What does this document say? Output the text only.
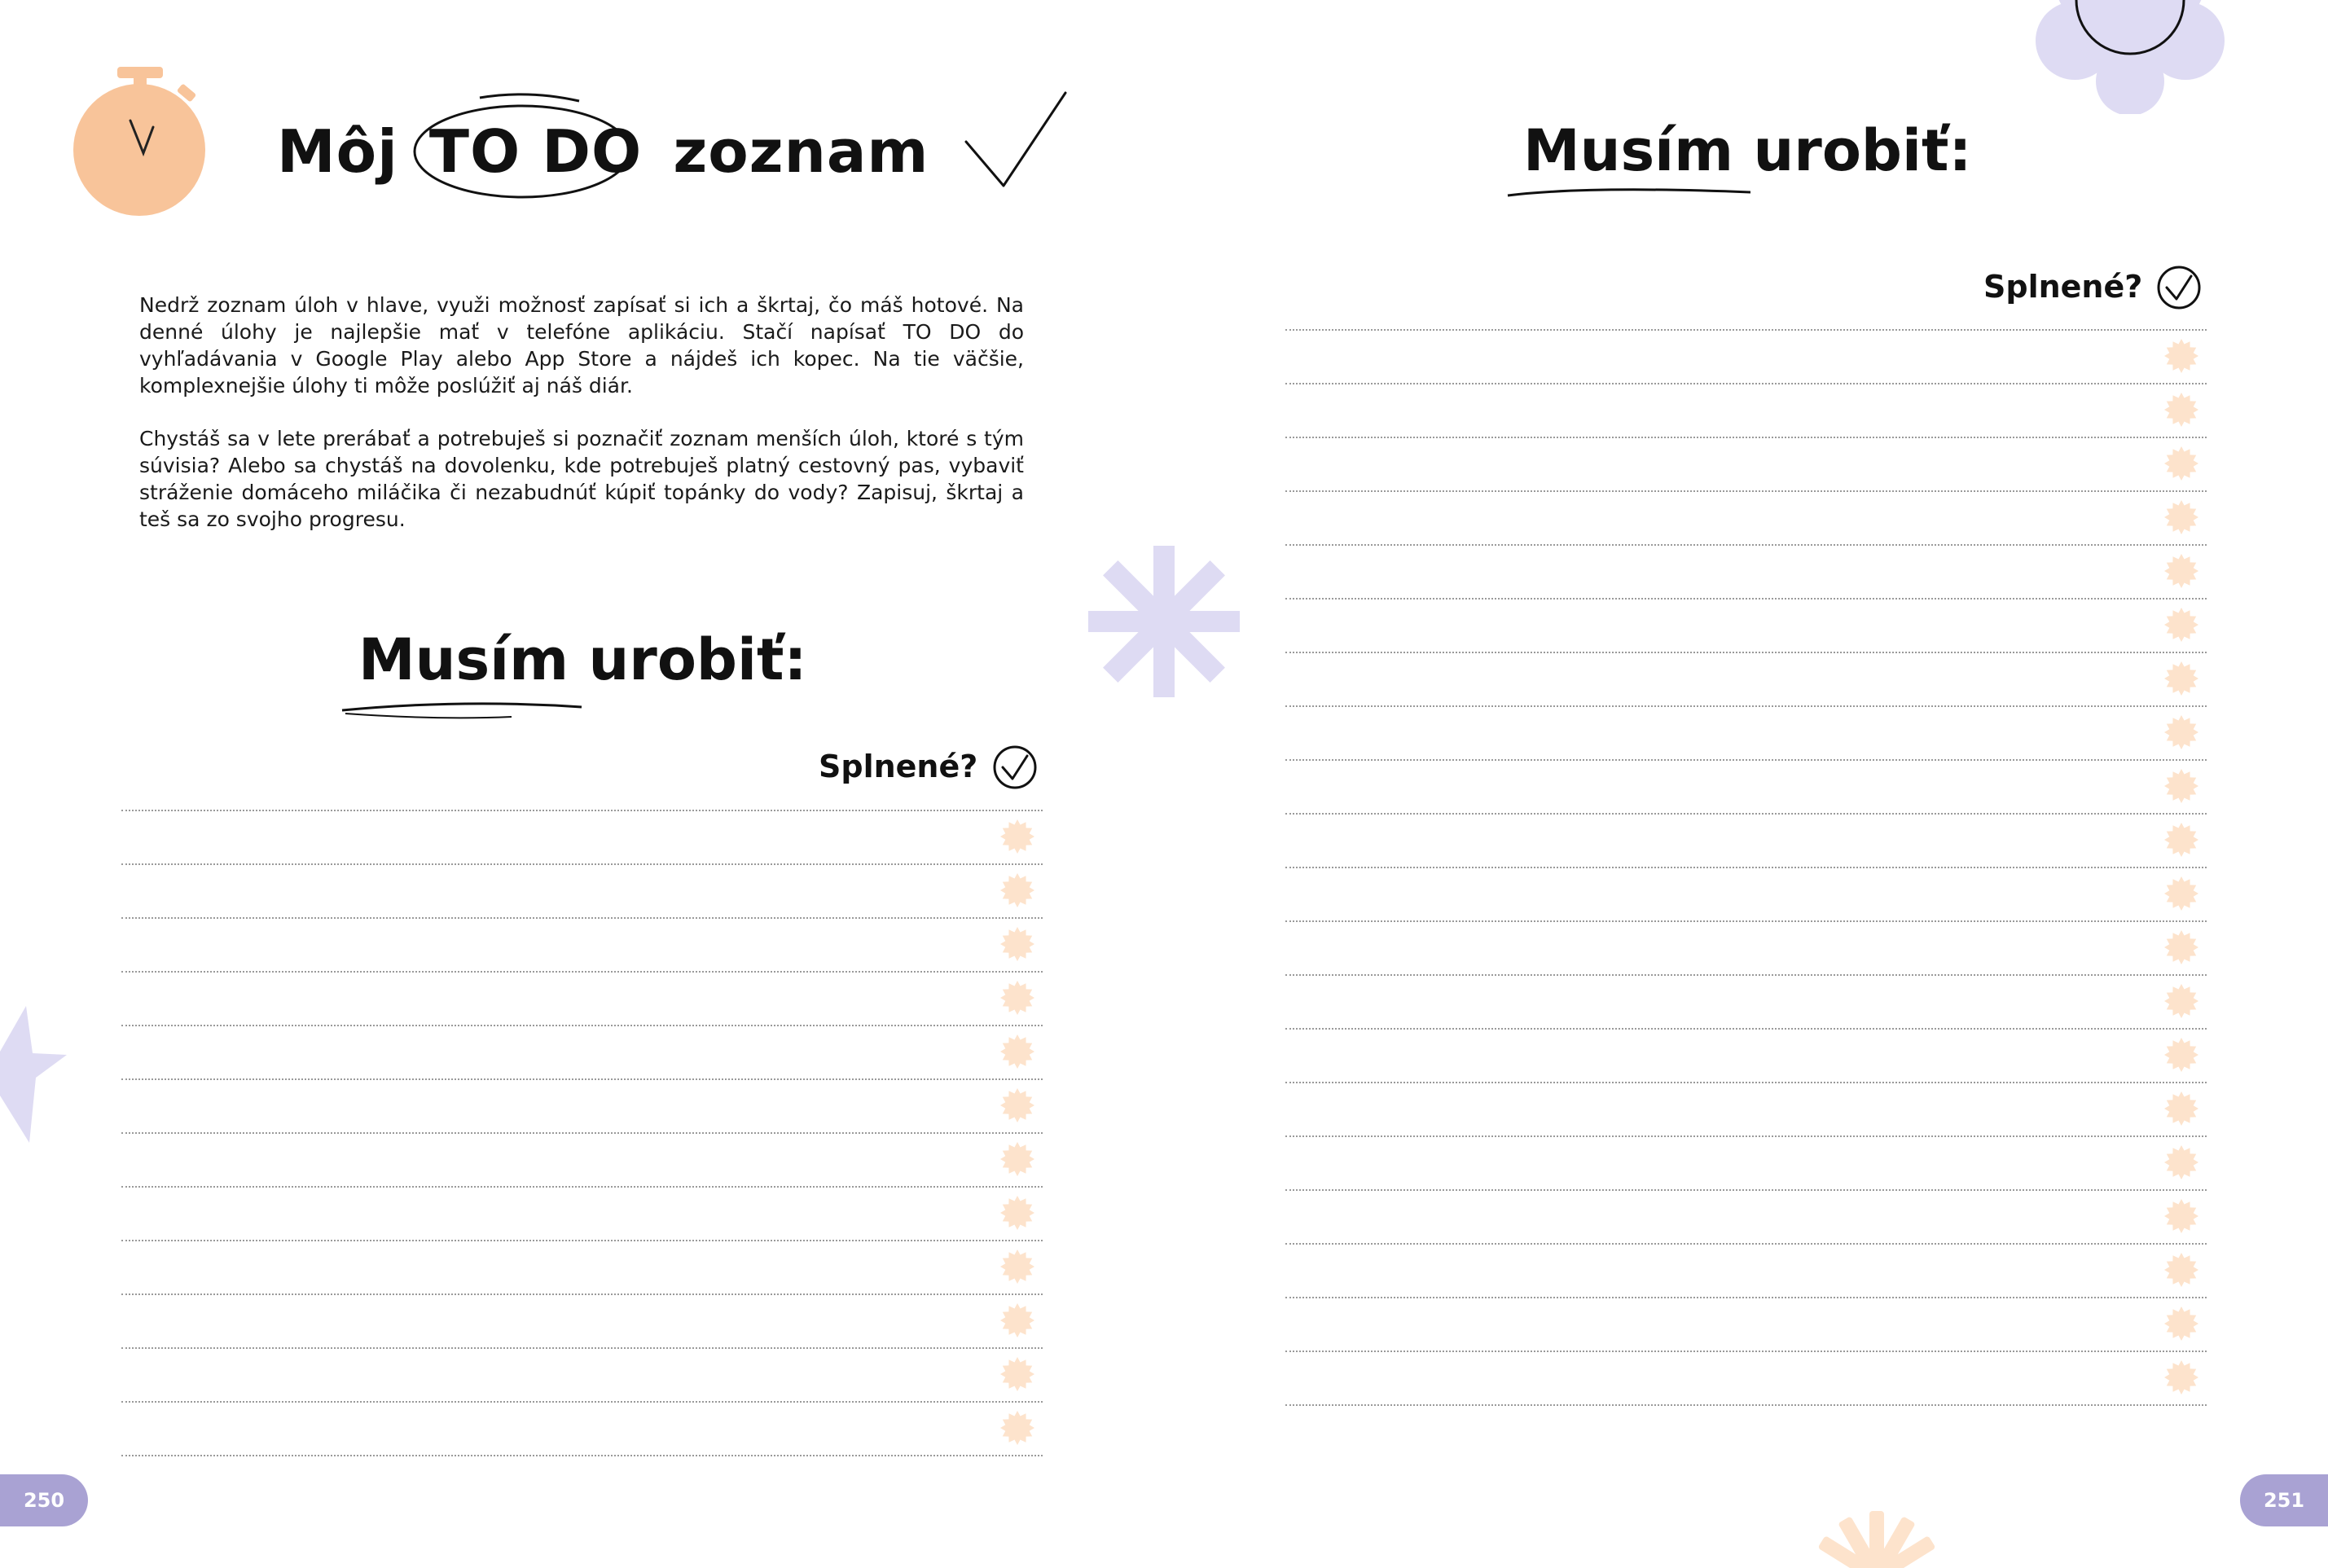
Môj TO DO zoznam

Nedrž zoznam úloh v hlave, využi možnosť zapísať si ich a škrtaj, čo máš hotové. Na denné úlohy je najlepšie mať v telefóne aplikáciu. Stačí napísať TO DO do vyhľadávania v Google Play alebo App Store a nájdeš ich kopec. Na tie väčšie, komplexnejšie úlohy ti môže poslúžiť aj náš diár.

Chystáš sa v lete prerábať a potrebuješ si poznačiť zoznam menších úloh, ktoré s tým súvisia? Alebo sa chystáš na dovolenku, kde potrebuješ platný cestovný pas, vybaviť stráženie domáceho miláčika či nezabudnúť kúpiť topánky do vody? Zapisuj, škrtaj a teš sa zo svojho progresu.

Musím urobiť:
Splnené?
250
Musím urobiť:
Splnené?
251
